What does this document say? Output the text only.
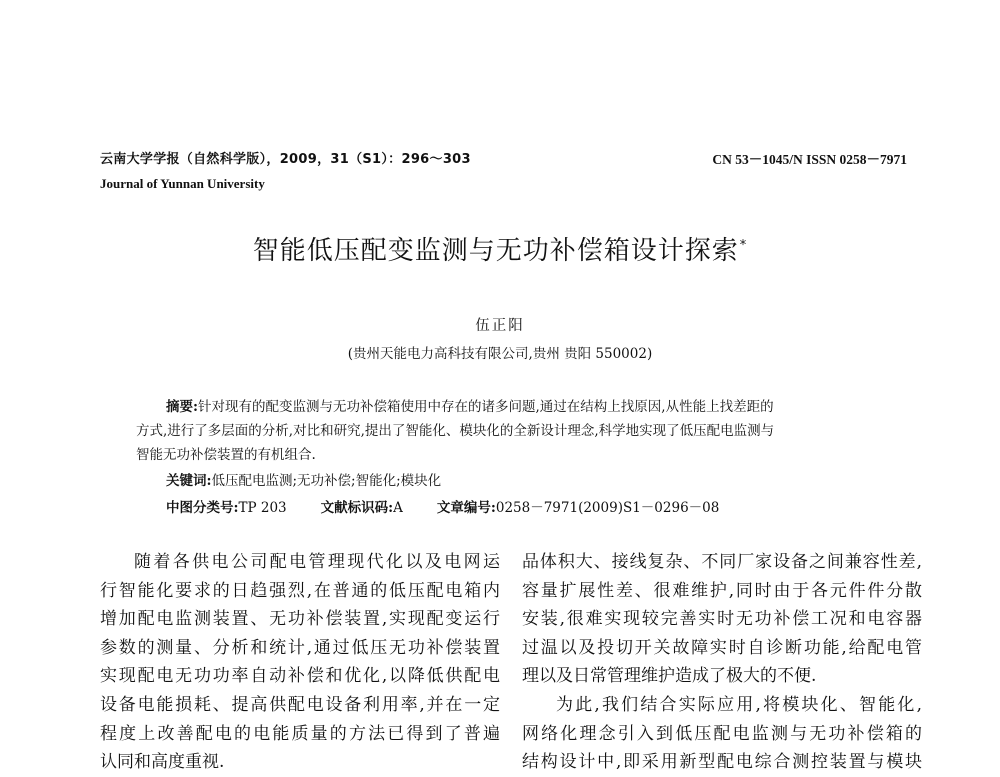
云南大学学报（自然科学版），2009，31（S1）：296～303	CN 53－1045/N ISSN 0258－7971
Journal of Yunnan University
智能低压配变监测与无功补偿箱设计探索*
伍正阳
(贵州天能电力高科技有限公司,贵州 贵阳 550002)
摘要:针对现有的配变监测与无功补偿箱使用中存在的诸多问题,通过在结构上找原因,从性能上找差距的
方式,进行了多层面的分析,对比和研究,提出了智能化、模块化的全新设计理念,科学地实现了低压配电监测与
智能无功补偿装置的有机组合.
关键词:低压配电监测;无功补偿;智能化;模块化
中图分类号:TP 203	文献标识码:A	文章编号:0258－7971(2009)S1－0296－08
随着各供电公司配电管理现代化以及电网运
行智能化要求的日趋强烈,在普通的低压配电箱内
增加配电监测装置、无功补偿装置,实现配变运行
参数的测量、分析和统计,通过低压无功补偿装置
实现配电无功功率自动补偿和优化,以降低供配电
设备电能损耗、提高供配电设备利用率,并在一定
程度上改善配电的电能质量的方法已得到了普遍
认同和高度重视.
品体积大、接线复杂、不同厂家设备之间兼容性差,
容量扩展性差、很难维护,同时由于各元件件分散
安装,很难实现较完善实时无功补偿工况和电容器
过温以及投切开关故障实时自诊断功能,给配电管
理以及日常管理维护造成了极大的不便.
为此,我们结合实际应用,将模块化、智能化,
网络化理念引入到低压配电监测与无功补偿箱的
结构设计中,即采用新型配电综合测控装置与模块
